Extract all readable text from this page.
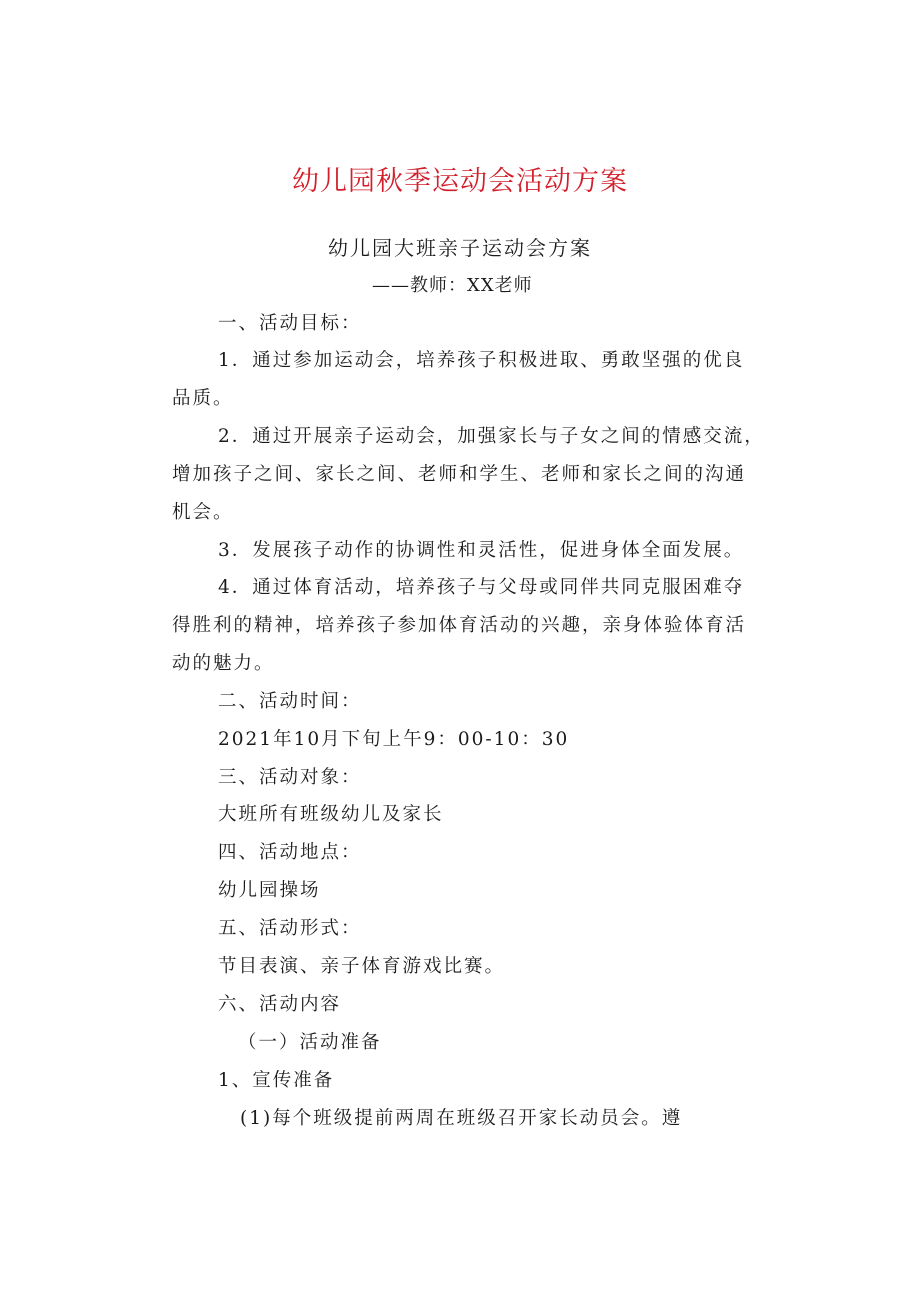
幼儿园秋季运动会活动方案
幼儿园大班亲子运动会方案
——教师：XX老师
一、活动目标：
1．通过参加运动会，培养孩子积极进取、勇敢坚强的优良
品质。
2．通过开展亲子运动会，加强家长与子女之间的情感交流，
增加孩子之间、家长之间、老师和学生、老师和家长之间的沟通
机会。
3．发展孩子动作的协调性和灵活性，促进身体全面发展。
4．通过体育活动，培养孩子与父母或同伴共同克服困难夺
得胜利的精神，培养孩子参加体育活动的兴趣，亲身体验体育活
动的魅力。
二、活动时间：
2021年10月下旬上午9：00-10：30
三、活动对象：
大班所有班级幼儿及家长
四、活动地点：
幼儿园操场
五、活动形式：
节目表演、亲子体育游戏比赛。
六、活动内容
（一）活动准备
1、宣传准备
(1)每个班级提前两周在班级召开家长动员会。遵
